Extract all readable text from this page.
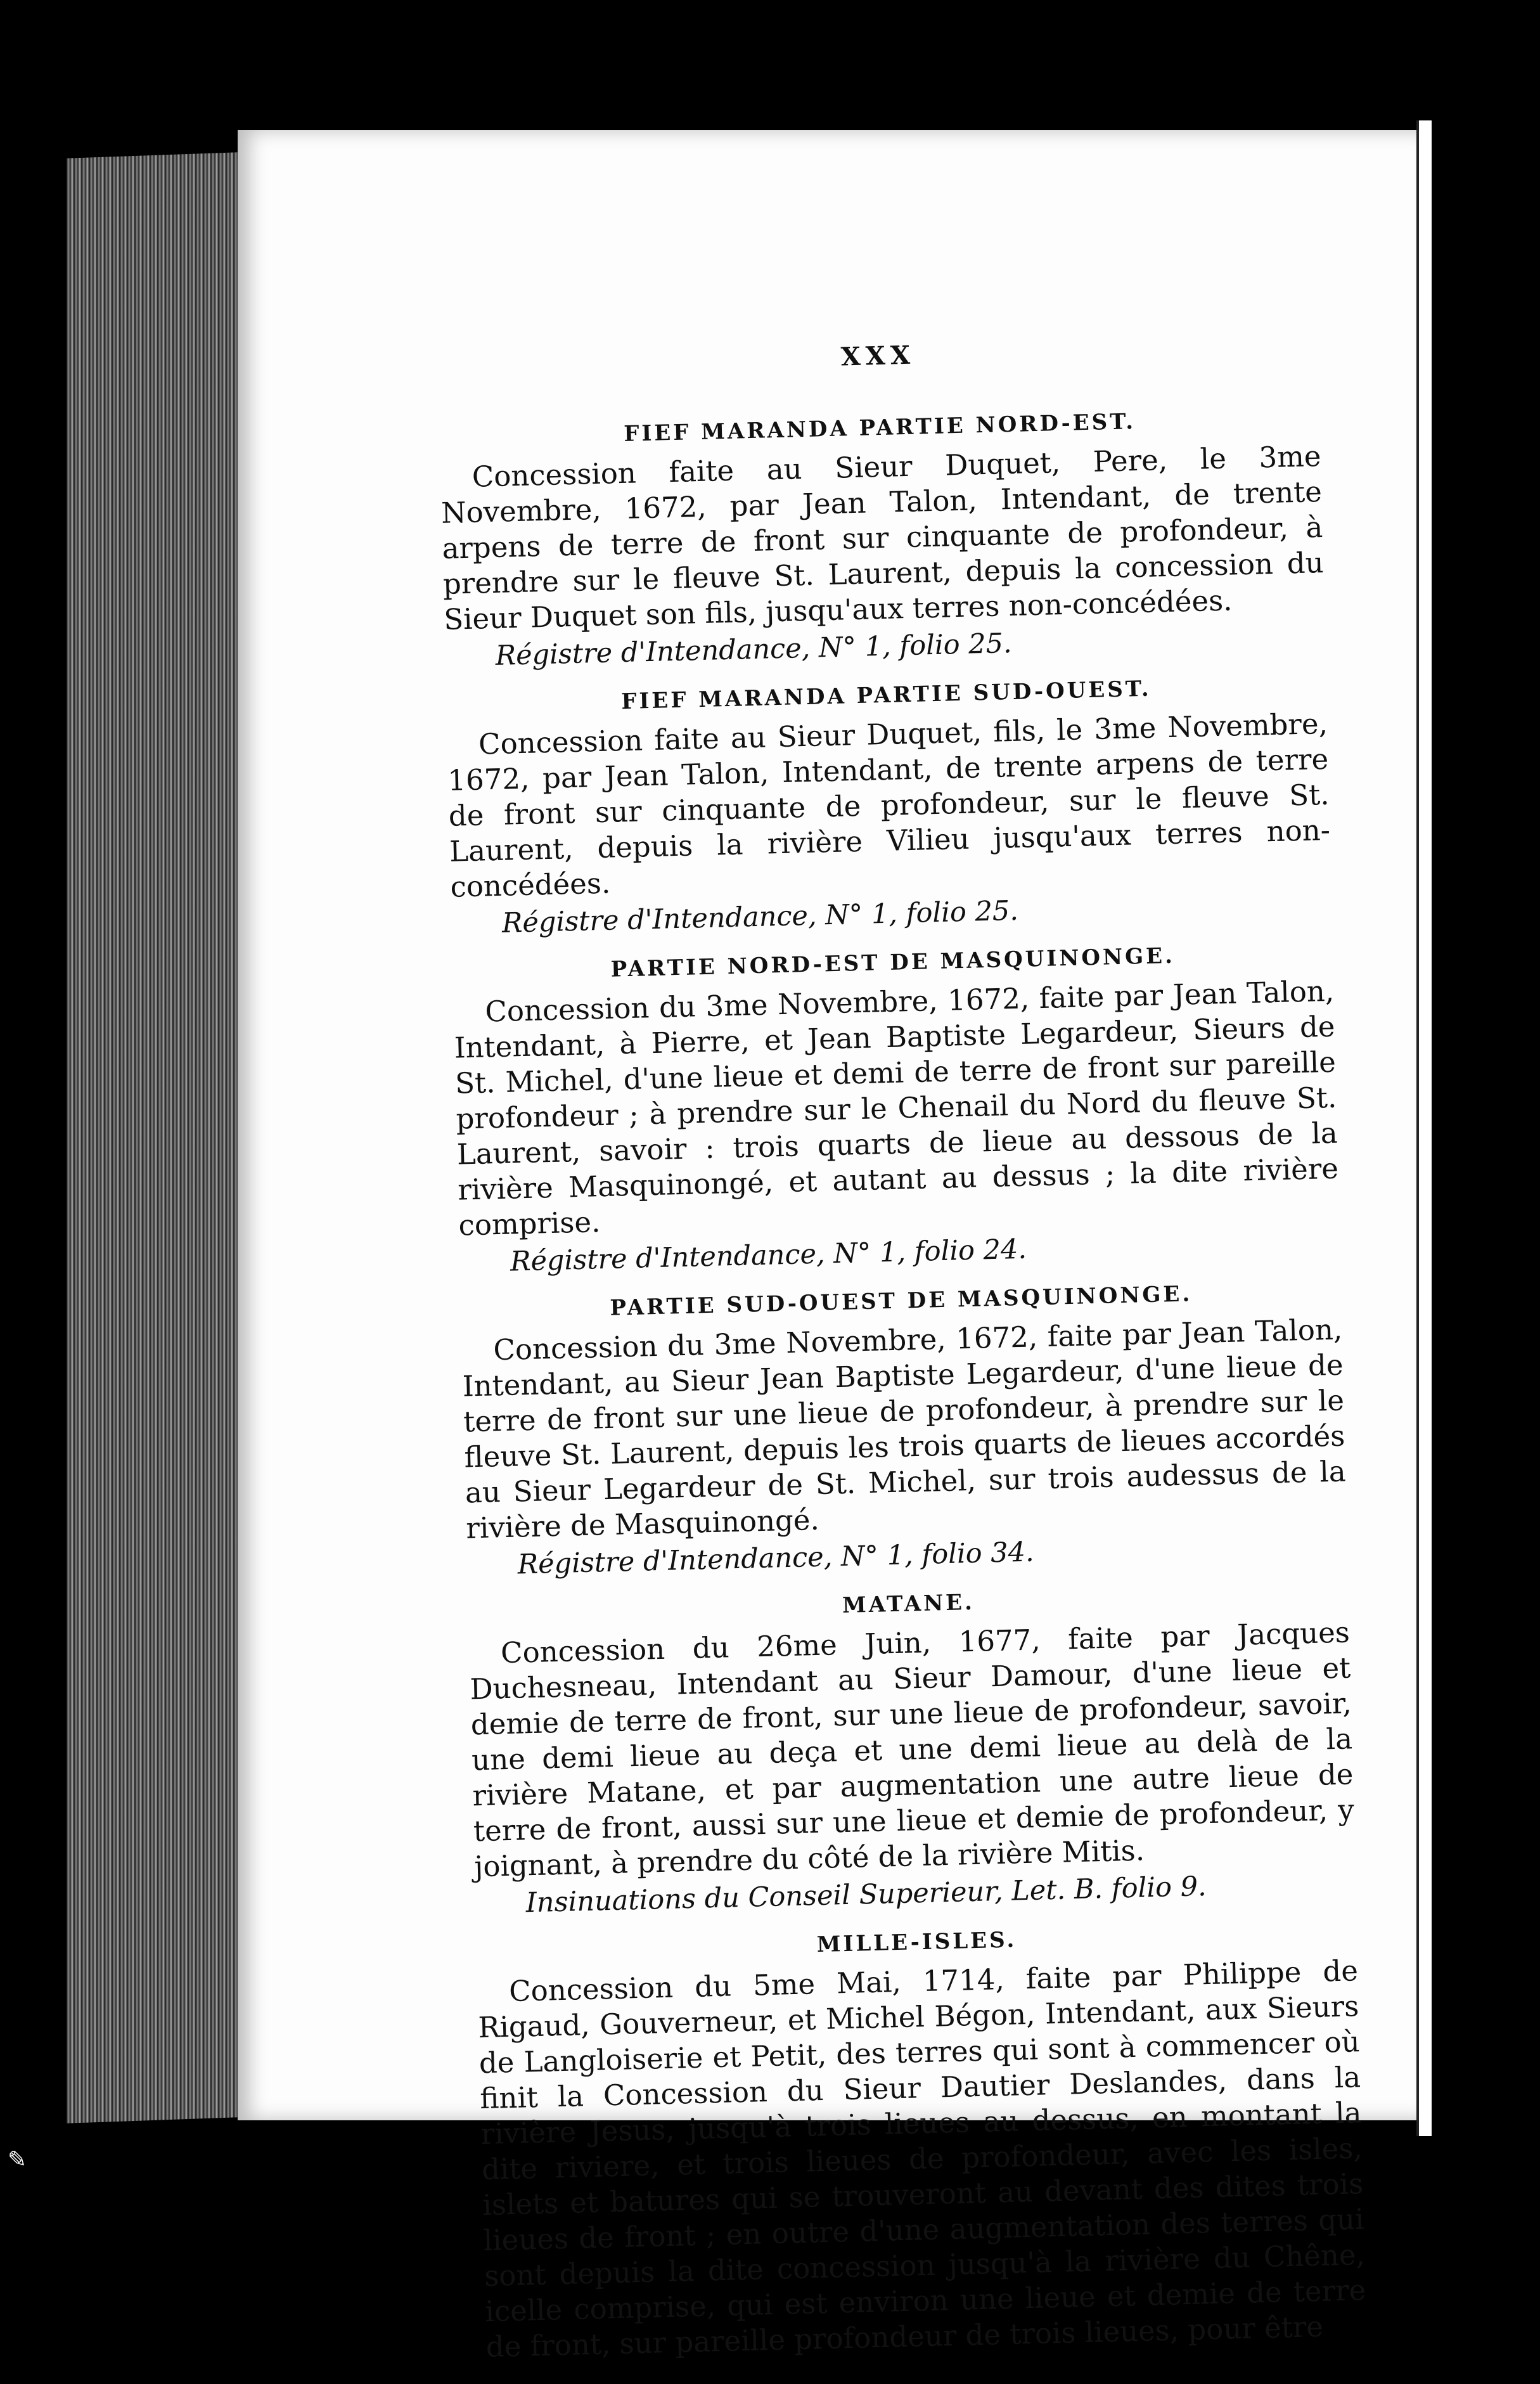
XXX
FIEF MARANDA PARTIE NORD-EST.

Concession faite au Sieur Duquet, Pere, le 3me Novembre, 1672, par Jean Talon, Intendant, de trente arpens de terre de front sur cinquante de profondeur, à prendre sur le fleuve St. Laurent, depuis la concession du Sieur Duquet son fils, jusqu'aux terres non-concédées.

Régistre d'Intendance, N° 1, folio 25.
FIEF MARANDA PARTIE SUD-OUEST.

Concession faite au Sieur Duquet, fils, le 3me Novembre, 1672, par Jean Talon, Intendant, de trente arpens de terre de front sur cinquante de profondeur, sur le fleuve St. Laurent, depuis la rivière Vilieu jusqu'aux terres non-concédées.

Régistre d'Intendance, N° 1, folio 25.
PARTIE NORD-EST DE MASQUINONGE.

Concession du 3me Novembre, 1672, faite par Jean Talon, Intendant, à Pierre, et Jean Baptiste Legardeur, Sieurs de St. Michel, d'une lieue et demi de terre de front sur pareille profondeur ; à prendre sur le Chenail du Nord du fleuve St. Laurent, savoir : trois quarts de lieue au dessous de la rivière Masquinongé, et autant au dessus ; la dite rivière comprise.

Régistre d'Intendance, N° 1, folio 24.
PARTIE SUD-OUEST DE MASQUINONGE.

Concession du 3me Novembre, 1672, faite par Jean Talon, Intendant, au Sieur Jean Baptiste Legardeur, d'une lieue de terre de front sur une lieue de profondeur, à prendre sur le fleuve St. Laurent, depuis les trois quarts de lieues accordés au Sieur Legardeur de St. Michel, sur trois audessus de la rivière de Masquinongé.

Régistre d'Intendance, N° 1, folio 34.
MATANE.

Concession du 26me Juin, 1677, faite par Jacques Duchesneau, Intendant au Sieur Damour, d'une lieue et demie de terre de front, sur une lieue de profondeur, savoir, une demi lieue au deça et une demi lieue au delà de la rivière Matane, et par augmentation une autre lieue de terre de front, aussi sur une lieue et demie de profondeur, y joignant, à prendre du côté de la rivière Mitis.

Insinuations du Conseil Superieur, Let. B. folio 9.
MILLE-ISLES.

Concession du 5me Mai, 1714, faite par Philippe de Rigaud, Gouverneur, et Michel Bégon, Intendant, aux Sieurs de Langloiserie et Petit, des terres qui sont à commencer où finit la Concession du Sieur Dautier Deslandes, dans la rivière Jesus, jusqu'à trois lieues au dessus, en montant la dite riviere, et trois lieues de profondeur, avec les isles, islets et batures qui se trouveront au devant des dites trois lieues de front ; en outre d'une augmentation des terres qui sont depuis la dite concession jusqu'à la rivière du Chêne, icelle comprise, qui est environ une lieue et demie de terre de front, sur pareille profondeur de trois lieues, pour être

✎
